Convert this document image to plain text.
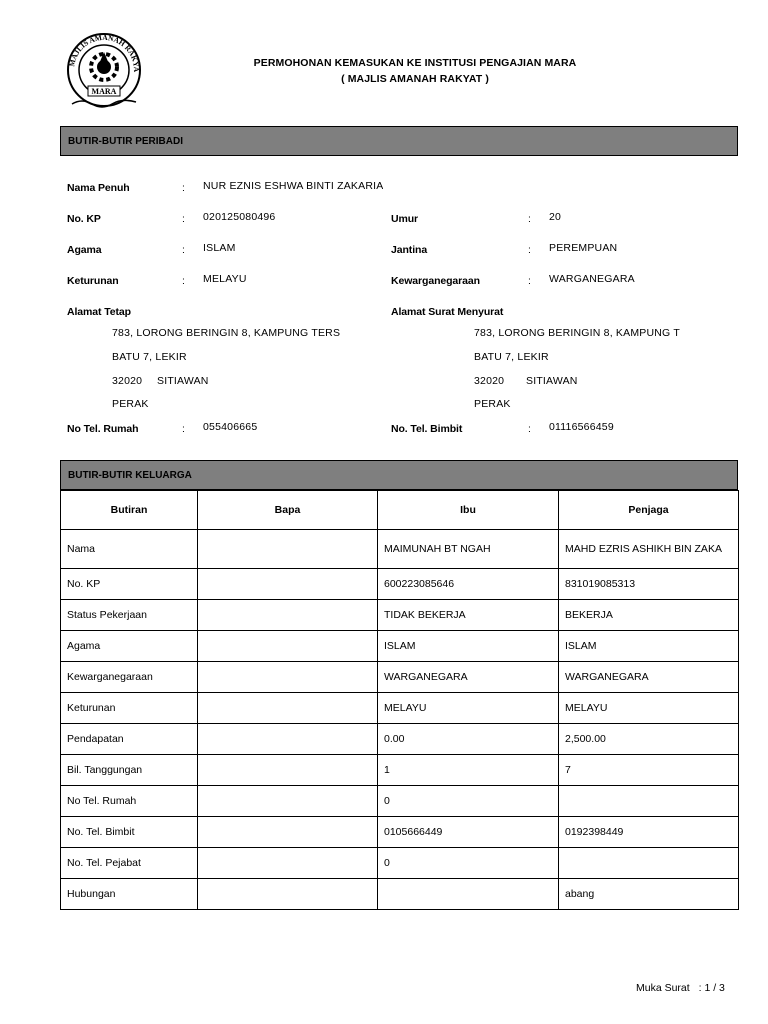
MAJLIS AMANAH RAKYA
MARA
PERMOHONAN KEMASUKAN KE INSTITUSI PENGAJIAN MARA
( MAJLIS AMANAH RAKYAT )
BUTIR-BUTIR PERIBADI
Nama Penuh	: NUR EZNIS ESHWA BINTI ZAKARIA
No. KP	: 020125080496	Umur	: 20
Agama	: ISLAM	Jantina	: PEREMPUAN
Keturunan	: MELAYU	Kewarganegaraan	: WARGANEGARA
Alamat Tetap
783, LORONG BERINGIN 8, KAMPUNG TERS
BATU 7, LEKIR
32020 SITIAWAN
PERAK
Alamat Surat Menyurat
783, LORONG BERINGIN 8, KAMPUNG T
BATU 7, LEKIR
32020 SITIAWAN
PERAK
No Tel. Rumah	: 055406665	No. Tel. Bimbit	: 01116566459
BUTIR-BUTIR KELUARGA
Butiran	Bapa	Ibu	Penjaga
Nama		MAIMUNAH BT NGAH	MAHD EZRIS ASHIKH BIN ZAKA
No. KP		600223085646	831019085313
Status Pekerjaan		TIDAK BEKERJA	BEKERJA
Agama		ISLAM	ISLAM
Kewarganegaraan		WARGANEGARA	WARGANEGARA
Keturunan		MELAYU	MELAYU
Pendapatan		0.00	2,500.00
Bil. Tanggungan		1	7
No Tel. Rumah		0	
No. Tel. Bimbit		0105666449	0192398449
No. Tel. Pejabat		0	
Hubungan			abang
Muka Surat : 1 / 3
